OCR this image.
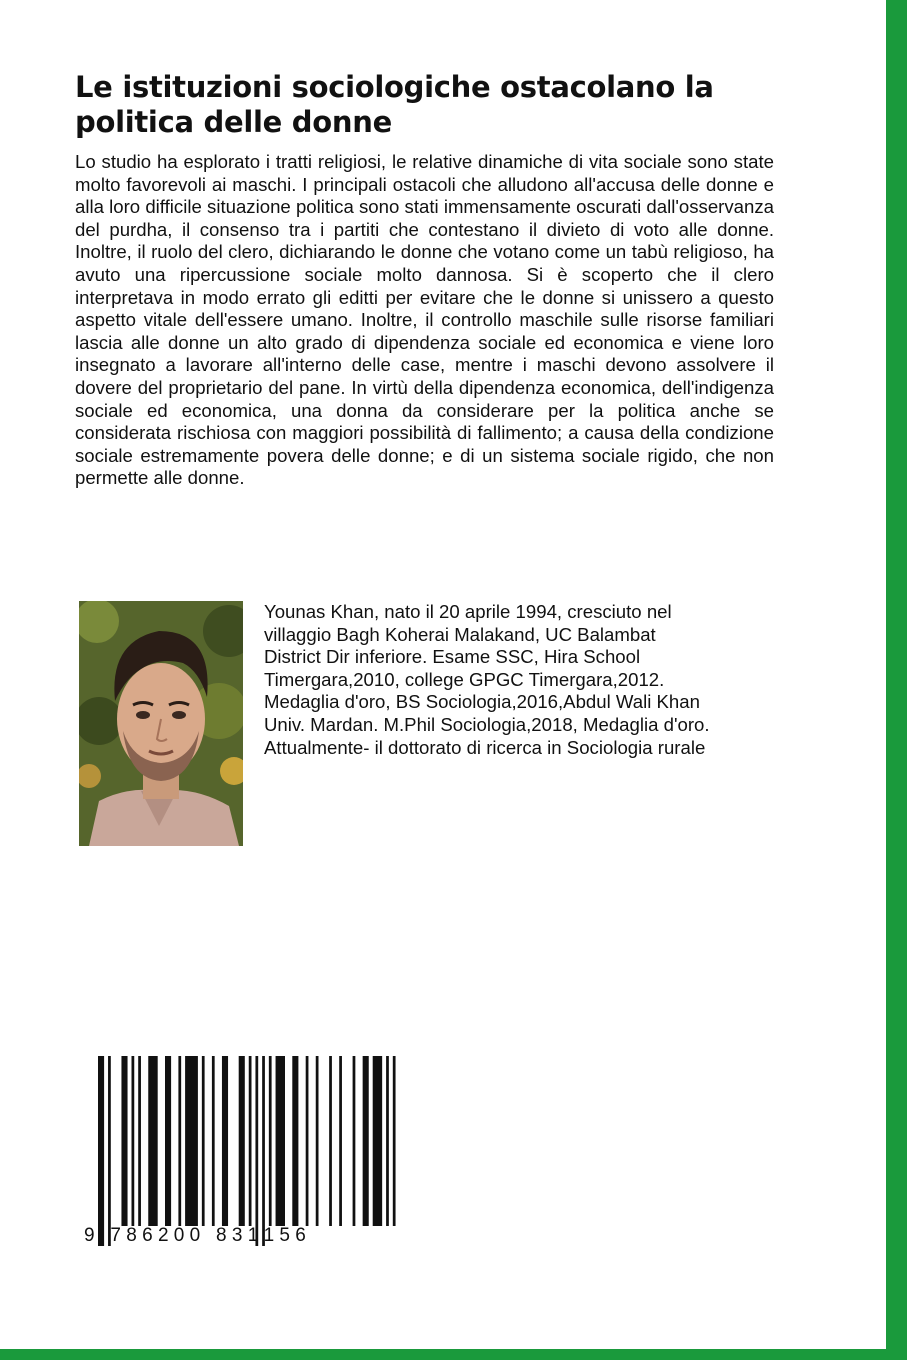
Le istituzioni sociologiche ostacolano la politica delle donne

Lo studio ha esplorato i tratti religiosi, le relative dinamiche di vita sociale sono state molto favorevoli ai maschi. I principali ostacoli che alludono all'accusa delle donne e alla loro difficile situazione politica sono stati immensamente oscurati dall'osservanza del purdha, il consenso tra i partiti che contestano il divieto di voto alle donne. Inoltre, il ruolo del clero, dichiarando le donne che votano come un tabù religioso, ha avuto una ripercussione sociale molto dannosa. Si è scoperto che il clero interpretava in modo errato gli editti per evitare che le donne si unissero a questo aspetto vitale dell'essere umano. Inoltre, il controllo maschile sulle risorse familiari lascia alle donne un alto grado di dipendenza sociale ed economica e viene loro insegnato a lavorare all'interno delle case, mentre i maschi devono assolvere il dovere del proprietario del pane. In virtù della dipendenza economica, dell'indigenza sociale ed economica, una donna da considerare per la politica anche se considerata rischiosa con maggiori possibilità di fallimento; a causa della condizione sociale estremamente povera delle donne; e di un sistema sociale rigido, che non permette alle donne.

Younas Khan, nato il 20 aprile 1994, cresciuto nel
villaggio Bagh Koherai Malakand, UC Balambat
District Dir inferiore. Esame SSC, Hira School
Timergara,2010, college GPGC Timergara,2012.
Medaglia d'oro, BS Sociologia,2016,Abdul Wali Khan
Univ. Mardan. M.Phil Sociologia,2018, Medaglia d'oro.
Attualmente- il dottorato di ricerca in Sociologia rurale
9   7 8 6 2 0 0   8 3 1 1 5 6
